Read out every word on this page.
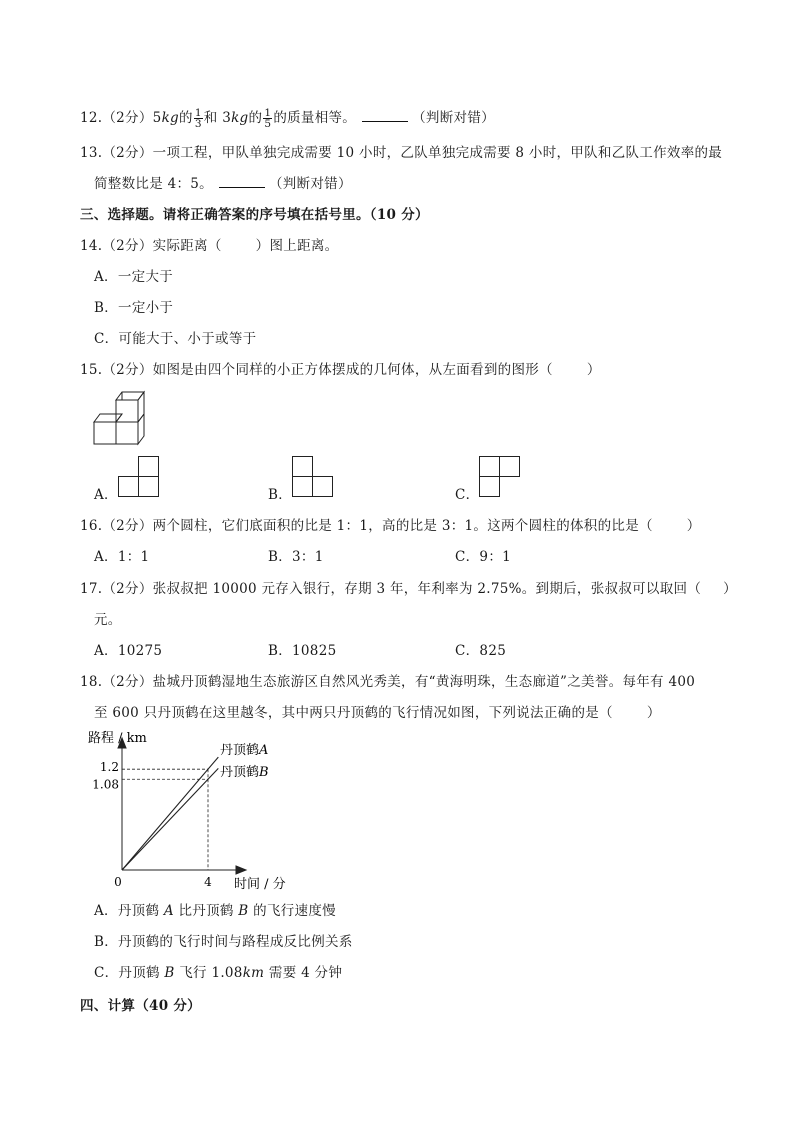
12.（2分）5kg的 $\frac{1}{3}$ 和 3kg的 $\frac{1}{5}$ 的质量相等。	（判断对错）
13.（2分）一项工程，甲队单独完成需要 10 小时，乙队单独完成需要 8 小时，甲队和乙队工作效率的最
简整数比是 4：5。	（判断对错）
三、选择题。请将正确答案的序号填在括号里。（10 分）
14.（2分）实际距离（	）图上距离。
A．一定大于
B．一定小于
C．可能大于、小于或等于
15.（2分）如图是由四个同样的小正方体摆成的几何体，从左面看到的图形（	）
A．	B．	C．
16.（2分）两个圆柱，它们底面积的比是 1：1，高的比是 3：1。这两个圆柱的体积的比是（	）
A．1：1	B．3：1	C．9：1
17.（2分）张叔叔把 10000 元存入银行，存期 3 年，年利率为 2.75%。到期后，张叔叔可以取回（ ）
元。
A．10275	B．10825	C．825
18.（2分）盐城丹顶鹤湿地生态旅游区自然风光秀美，有“黄海明珠，生态廊道”之美誉。每年有 400
至 600 只丹顶鹤在这里越冬，其中两只丹顶鹤的飞行情况如图，下列说法正确的是（	）
路程 / km
时间 / 分
0	4
1.2
1.08
丹顶鹤A
丹顶鹤B
A．丹顶鹤 A 比丹顶鹤 B 的飞行速度慢
B．丹顶鹤的飞行时间与路程成反比例关系
C．丹顶鹤 B 飞行 1.08km 需要 4 分钟
四、计算（40 分）
